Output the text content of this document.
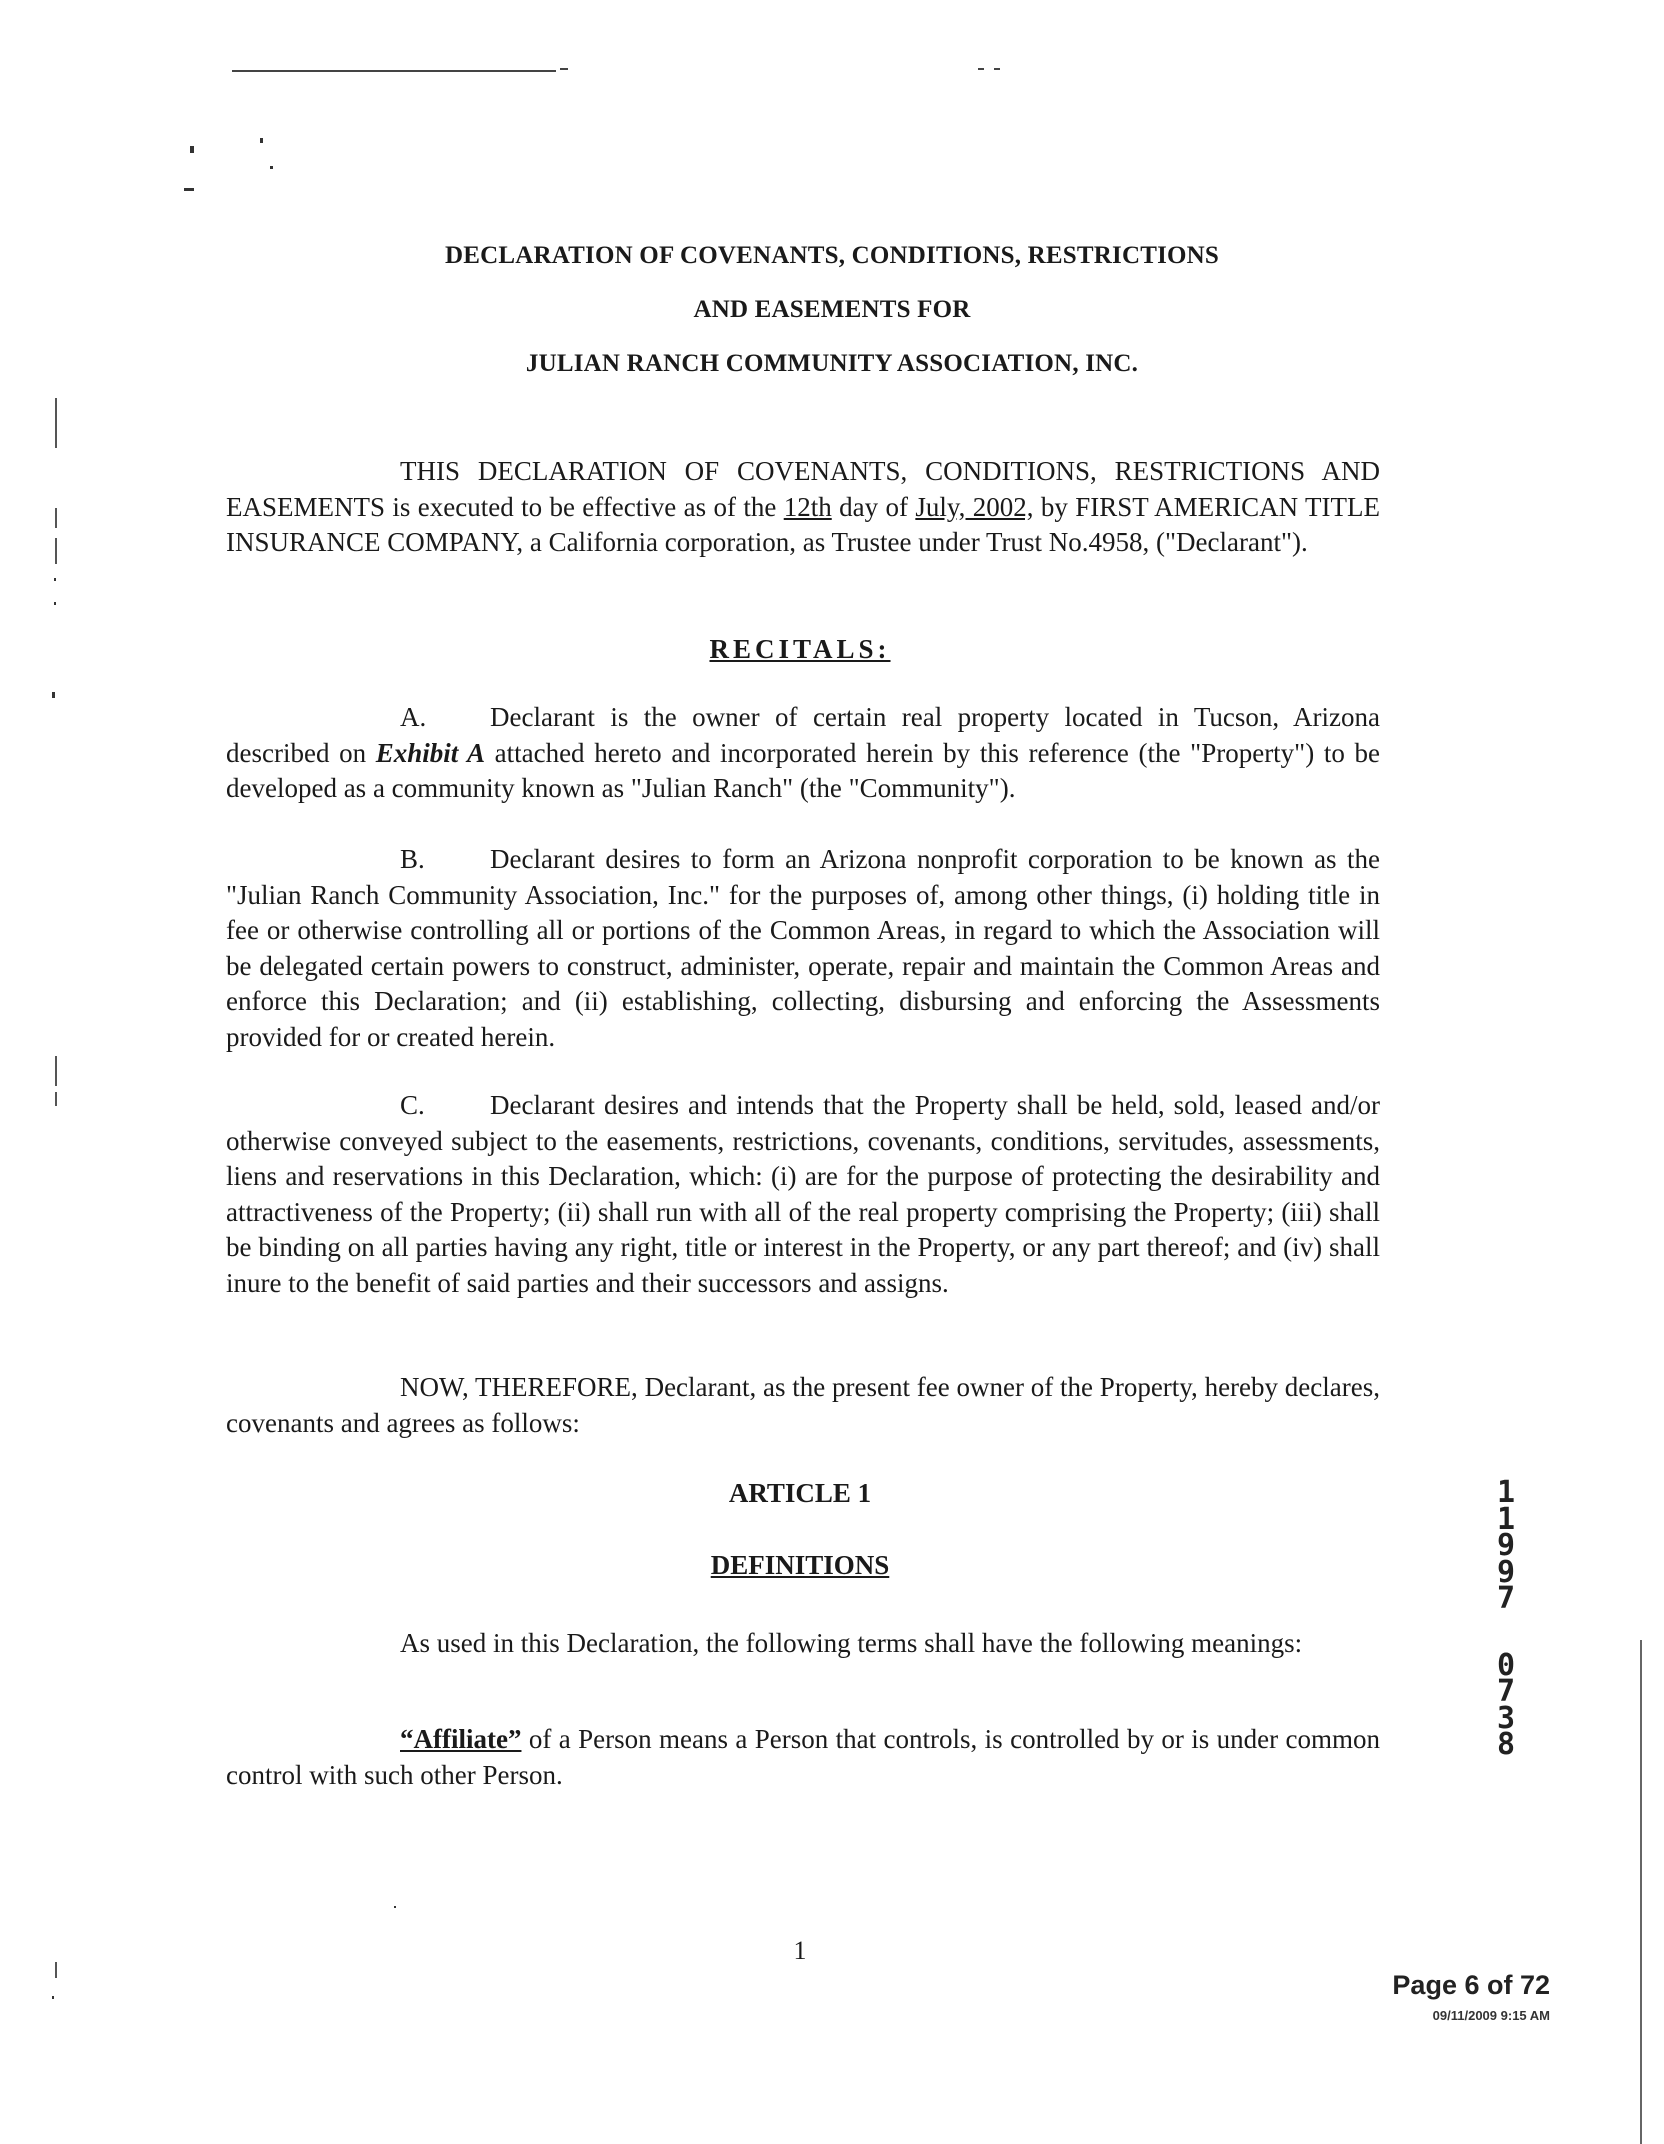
DECLARATION OF COVENANTS, CONDITIONS, RESTRICTIONS
AND EASEMENTS FOR
JULIAN RANCH COMMUNITY ASSOCIATION, INC.
THIS DECLARATION OF COVENANTS, CONDITIONS, RESTRICTIONS AND EASEMENTS is executed to be effective as of the 12th day of July, 2002, by FIRST AMERICAN TITLE INSURANCE COMPANY, a California corporation, as Trustee under Trust No.4958, ("Declarant").
RECITALS:
A. Declarant is the owner of certain real property located in Tucson, Arizona described on Exhibit A attached hereto and incorporated herein by this reference (the "Property") to be developed as a community known as "Julian Ranch" (the "Community").
B. Declarant desires to form an Arizona nonprofit corporation to be known as the "Julian Ranch Community Association, Inc." for the purposes of, among other things, (i) holding title in fee or otherwise controlling all or portions of the Common Areas, in regard to which the Association will be delegated certain powers to construct, administer, operate, repair and maintain the Common Areas and enforce this Declaration; and (ii) establishing, collecting, disbursing and enforcing the Assessments provided for or created herein.
C. Declarant desires and intends that the Property shall be held, sold, leased and/or otherwise conveyed subject to the easements, restrictions, covenants, conditions, servitudes, assessments, liens and reservations in this Declaration, which: (i) are for the purpose of protecting the desirability and attractiveness of the Property; (ii) shall run with all of the real property comprising the Property; (iii) shall be binding on all parties having any right, title or interest in the Property, or any part thereof; and (iv) shall inure to the benefit of said parties and their successors and assigns.
NOW, THEREFORE, Declarant, as the present fee owner of the Property, hereby declares, covenants and agrees as follows:
ARTICLE 1
DEFINITIONS
As used in this Declaration, the following terms shall have the following meanings:
“Affiliate” of a Person means a Person that controls, is controlled by or is under common control with such other Person.
1
1
9
9
7
0
7
3
8
1
Page 6 of 72
09/11/2009 9:15 AM
